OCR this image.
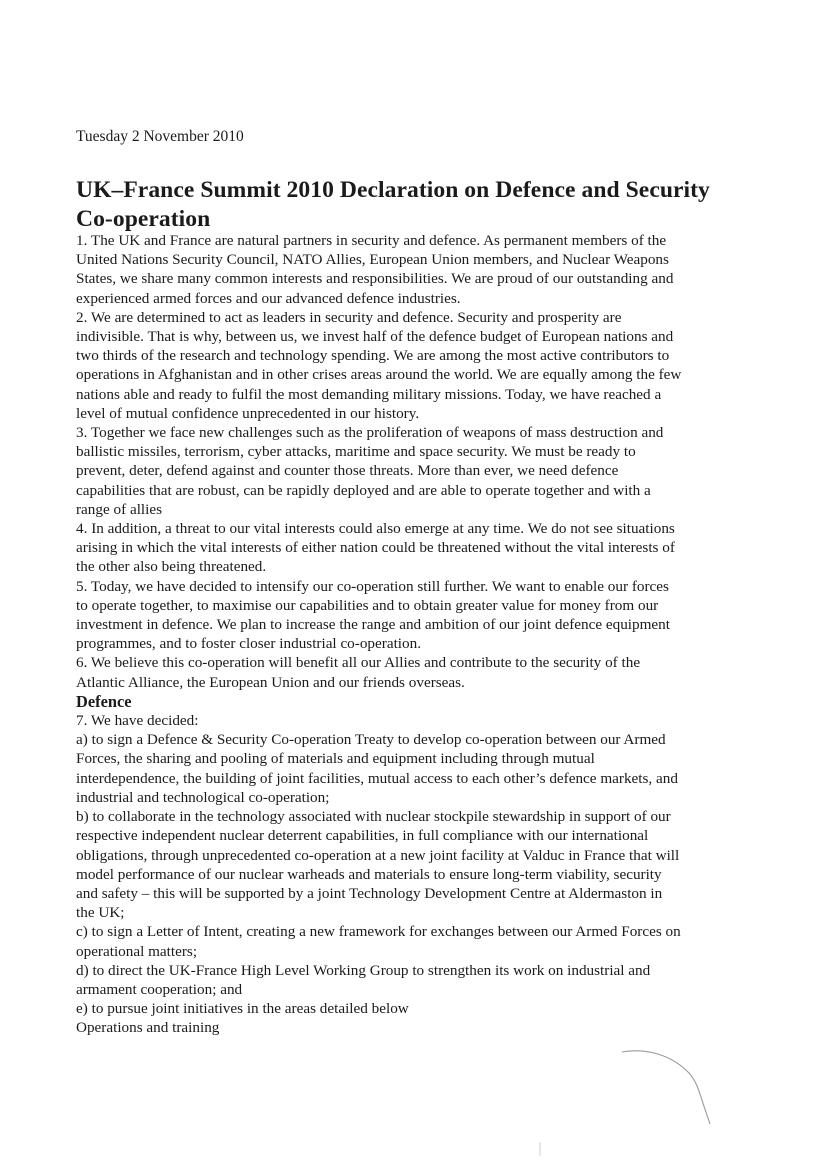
Tuesday 2 November 2010
UK–France Summit 2010 Declaration on Defence and Security
Co-operation
1. The UK and France are natural partners in security and defence. As permanent members of the
United Nations Security Council, NATO Allies, European Union members, and Nuclear Weapons
States, we share many common interests and responsibilities. We are proud of our outstanding and
experienced armed forces and our advanced defence industries.
2. We are determined to act as leaders in security and defence. Security and prosperity are
indivisible. That is why, between us, we invest half of the defence budget of European nations and
two thirds of the research and technology spending. We are among the most active contributors to
operations in Afghanistan and in other crises areas around the world. We are equally among the few
nations able and ready to fulfil the most demanding military missions. Today, we have reached a
level of mutual confidence unprecedented in our history.
3. Together we face new challenges such as the proliferation of weapons of mass destruction and
ballistic missiles, terrorism, cyber attacks, maritime and space security. We must be ready to
prevent, deter, defend against and counter those threats. More than ever, we need defence
capabilities that are robust, can be rapidly deployed and are able to operate together and with a
range of allies
4. In addition, a threat to our vital interests could also emerge at any time. We do not see situations
arising in which the vital interests of either nation could be threatened without the vital interests of
the other also being threatened.
5. Today, we have decided to intensify our co-operation still further. We want to enable our forces
to operate together, to maximise our capabilities and to obtain greater value for money from our
investment in defence. We plan to increase the range and ambition of our joint defence equipment
programmes, and to foster closer industrial co-operation.
6. We believe this co-operation will benefit all our Allies and contribute to the security of the
Atlantic Alliance, the European Union and our friends overseas.
Defence
7. We have decided:
a) to sign a Defence & Security Co-operation Treaty to develop co-operation between our Armed
Forces, the sharing and pooling of materials and equipment including through mutual
interdependence, the building of joint facilities, mutual access to each other’s defence markets, and
industrial and technological co-operation;
b) to collaborate in the technology associated with nuclear stockpile stewardship in support of our
respective independent nuclear deterrent capabilities, in full compliance with our international
obligations, through unprecedented co-operation at a new joint facility at Valduc in France that will
model performance of our nuclear warheads and materials to ensure long-term viability, security
and safety – this will be supported by a joint Technology Development Centre at Aldermaston in
the UK;
c) to sign a Letter of Intent, creating a new framework for exchanges between our Armed Forces on
operational matters;
d) to direct the UK-France High Level Working Group to strengthen its work on industrial and
armament cooperation; and
e) to pursue joint initiatives in the areas detailed below
Operations and training
